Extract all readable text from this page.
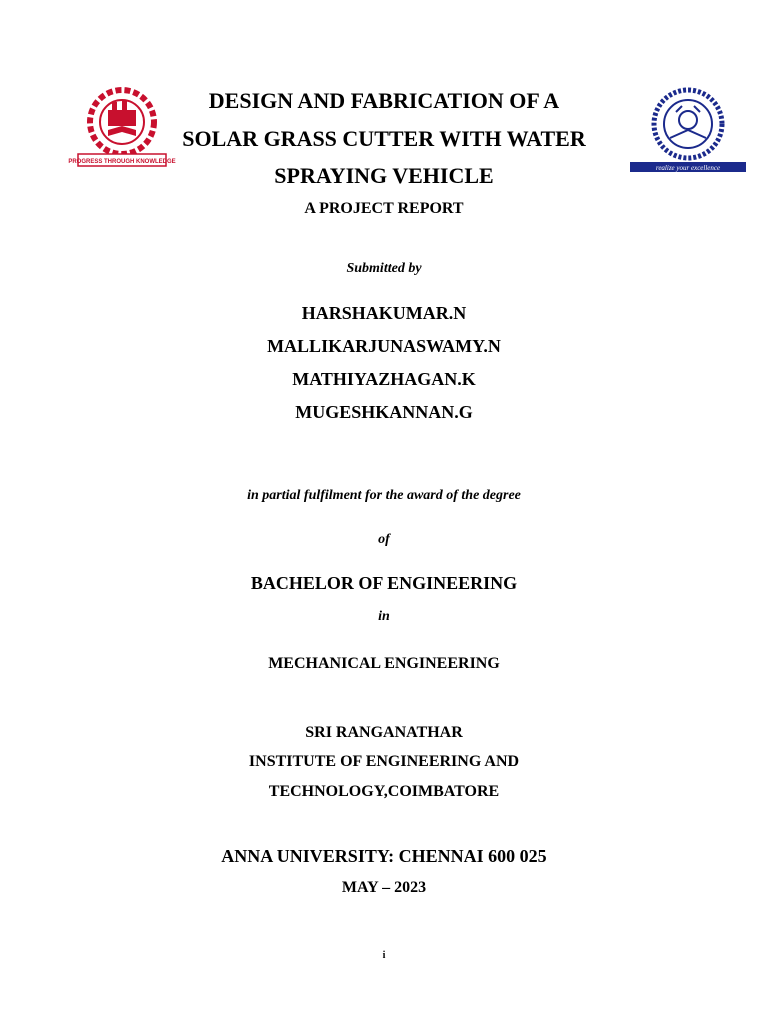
PROGRESS THROUGH KNOWLEDGE
realize your excellence
DESIGN AND FABRICATION OF A
SOLAR GRASS CUTTER WITH WATER
SPRAYING VEHICLE
A PROJECT REPORT
Submitted by
HARSHAKUMAR.N
MALLIKARJUNASWAMY.N
MATHIYAZHAGAN.K
MUGESHKANNAN.G
in partial fulfilment for the award of the degree
of
BACHELOR OF ENGINEERING
in
MECHANICAL ENGINEERING
SRI RANGANATHAR
INSTITUTE OF ENGINEERING AND
TECHNOLOGY,COIMBATORE
ANNA UNIVERSITY: CHENNAI 600 025
MAY – 2023
i
